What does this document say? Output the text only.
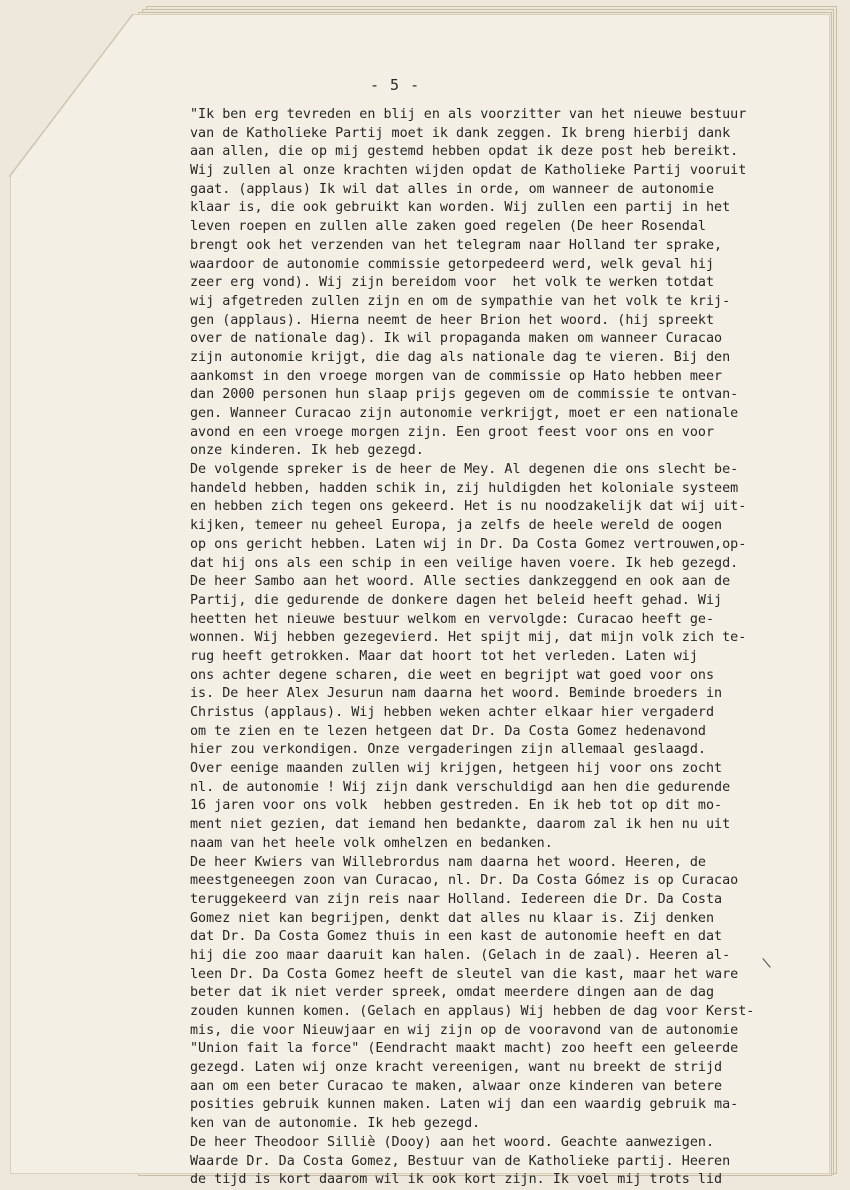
- 5 -
"Ik ben erg tevreden en blij en als voorzitter van het nieuwe bestuur
van de Katholieke Partij moet ik dank zeggen. Ik breng hierbij dank
aan allen, die op mij gestemd hebben opdat ik deze post heb bereikt.
Wij zullen al onze krachten wijden opdat de Katholieke Partij vooruit
gaat. (applaus) Ik wil dat alles in orde, om wanneer de autonomie
klaar is, die ook gebruikt kan worden. Wij zullen een partij in het
leven roepen en zullen alle zaken goed regelen (De heer Rosendal
brengt ook het verzenden van het telegram naar Holland ter sprake,
waardoor de autonomie commissie getorpedeerd werd, welk geval hij
zeer erg vond). Wij zijn bereidom voor  het volk te werken totdat
wij afgetreden zullen zijn en om de sympathie van het volk te krij-
gen (applaus). Hierna neemt de heer Brion het woord. (hij spreekt
over de nationale dag). Ik wil propaganda maken om wanneer Curacao
zijn autonomie krijgt, die dag als nationale dag te vieren. Bij den
aankomst in den vroege morgen van de commissie op Hato hebben meer
dan 2000 personen hun slaap prijs gegeven om de commissie te ontvan-
gen. Wanneer Curacao zijn autonomie verkrijgt, moet er een nationale
avond en een vroege morgen zijn. Een groot feest voor ons en voor
onze kinderen. Ik heb gezegd.
De volgende spreker is de heer de Mey. Al degenen die ons slecht be-
handeld hebben, hadden schik in, zij huldigden het koloniale systeem
en hebben zich tegen ons gekeerd. Het is nu noodzakelijk dat wij uit-
kijken, temeer nu geheel Europa, ja zelfs de heele wereld de oogen
op ons gericht hebben. Laten wij in Dr. Da Costa Gomez vertrouwen,op-
dat hij ons als een schip in een veilige haven voere. Ik heb gezegd.
De heer Sambo aan het woord. Alle secties dankzeggend en ook aan de
Partij, die gedurende de donkere dagen het beleid heeft gehad. Wij
heetten het nieuwe bestuur welkom en vervolgde: Curacao heeft ge-
wonnen. Wij hebben gezegevierd. Het spijt mij, dat mijn volk zich te-
rug heeft getrokken. Maar dat hoort tot het verleden. Laten wij
ons achter degene scharen, die weet en begrijpt wat goed voor ons
is. De heer Alex Jesurun nam daarna het woord. Beminde broeders in
Christus (applaus). Wij hebben weken achter elkaar hier vergaderd
om te zien en te lezen hetgeen dat Dr. Da Costa Gomez hedenavond
hier zou verkondigen. Onze vergaderingen zijn allemaal geslaagd.
Over eenige maanden zullen wij krijgen, hetgeen hij voor ons zocht
nl. de autonomie ! Wij zijn dank verschuldigd aan hen die gedurende
16 jaren voor ons volk  hebben gestreden. En ik heb tot op dit mo-
ment niet gezien, dat iemand hen bedankte, daarom zal ik hen nu uit
naam van het heele volk omhelzen en bedanken.
De heer Kwiers van Willebrordus nam daarna het woord. Heeren, de
meestgeneegen zoon van Curacao, nl. Dr. Da Costa Gómez is op Curacao
teruggekeerd van zijn reis naar Holland. Iedereen die Dr. Da Costa
Gomez niet kan begrijpen, denkt dat alles nu klaar is. Zij denken
dat Dr. Da Costa Gomez thuis in een kast de autonomie heeft en dat
hij die zoo maar daaruit kan halen. (Gelach in de zaal). Heeren al-
leen Dr. Da Costa Gomez heeft de sleutel van die kast, maar het ware
beter dat ik niet verder spreek, omdat meerdere dingen aan de dag
zouden kunnen komen. (Gelach en applaus) Wij hebben de dag voor Kerst-
mis, die voor Nieuwjaar en wij zijn op de vooravond van de autonomie
"Union fait la force" (Eendracht maakt macht) zoo heeft een geleerde
gezegd. Laten wij onze kracht vereenigen, want nu breekt de strijd
aan om een beter Curacao te maken, alwaar onze kinderen van betere
posities gebruik kunnen maken. Laten wij dan een waardig gebruik ma-
ken van de autonomie. Ik heb gezegd.
De heer Theodoor Silliè (Dooy) aan het woord. Geachte aanwezigen.
Waarde Dr. Da Costa Gomez, Bestuur van de Katholieke partij. Heeren
de tijd is kort daarom wil ik ook kort zijn. Ik voel mij trots lid
\
